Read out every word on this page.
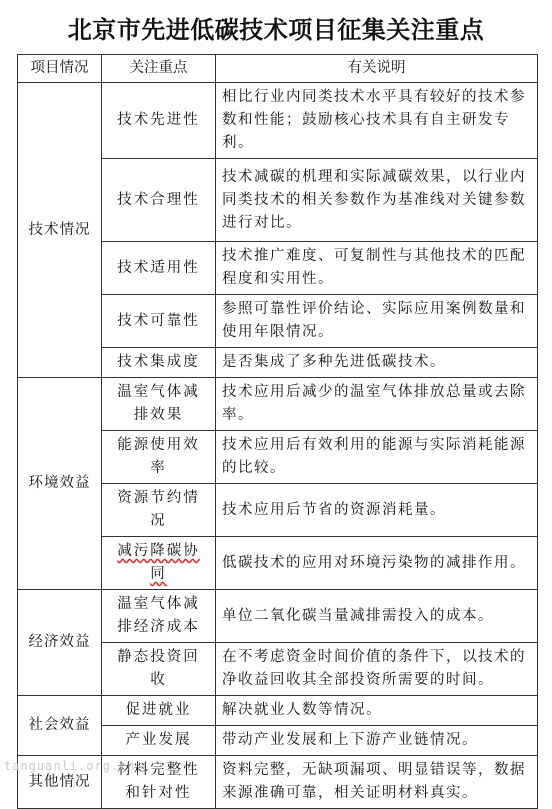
北京市先进低碳技术项目征集关注重点
项目情况	关注重点	有关说明
技术情况	技术先进性	相比行业内同类技术水平具有较好的技术参数和性能；鼓励核心技术具有自主研发专利。
	技术合理性	技术减碳的机理和实际减碳效果，以行业内同类技术的相关参数作为基准线对关键参数进行对比。
	技术适用性	技术推广难度、可复制性与其他技术的匹配程度和实用性。
	技术可靠性	参照可靠性评价结论、实际应用案例数量和使用年限情况。
	技术集成度	是否集成了多种先进低碳技术。
环境效益	温室气体减排效果	技术应用后减少的温室气体排放总量或去除率。
	能源使用效率	技术应用后有效利用的能源与实际消耗能源的比较。
	资源节约情况	技术应用后节省的资源消耗量。
	减污降碳协同	低碳技术的应用对环境污染物的减排作用。
经济效益	温室气体减排经济成本	单位二氧化碳当量减排需投入的成本。
	静态投资回收	在不考虑资金时间价值的条件下，以技术的净收益回收其全部投资所需要的时间。
社会效益	促进就业	解决就业人数等情况。
	产业发展	带动产业发展和上下游产业链情况。
其他情况	材料完整性和针对性	资料完整，无缺项漏项、明显错误等，数据来源准确可靠，相关证明材料真实。
tanguanli.org.cn
